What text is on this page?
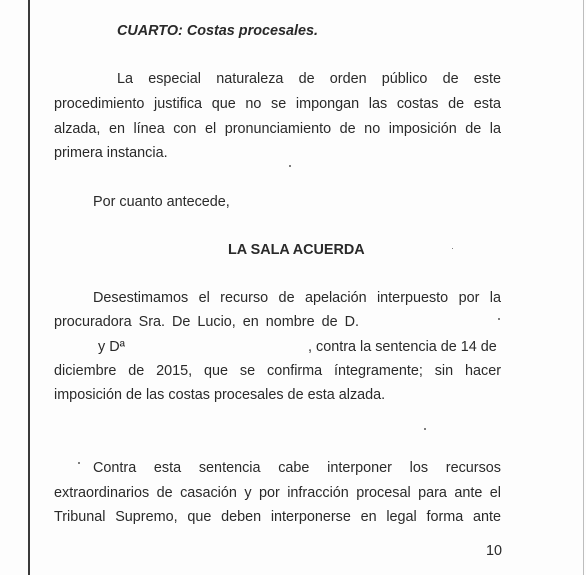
CUARTO: Costas procesales.
La especial naturaleza de orden público de este
procedimiento justifica que no se impongan las costas de esta
alzada, en línea con el pronunciamiento de no imposición de la
primera instancia.
Por cuanto antecede,
LA SALA ACUERDA
Desestimamos el recurso de apelación interpuesto por la
procuradora Sra. De Lucio, en nombre de D.
y Dª	, contra la sentencia de 14 de
diciembre de 2015, que se confirma íntegramente; sin hacer
imposición de las costas procesales de esta alzada.
Contra esta sentencia cabe interponer los recursos
extraordinarios de casación y por infracción procesal para ante el
Tribunal Supremo, que deben interponerse en legal forma ante
10
